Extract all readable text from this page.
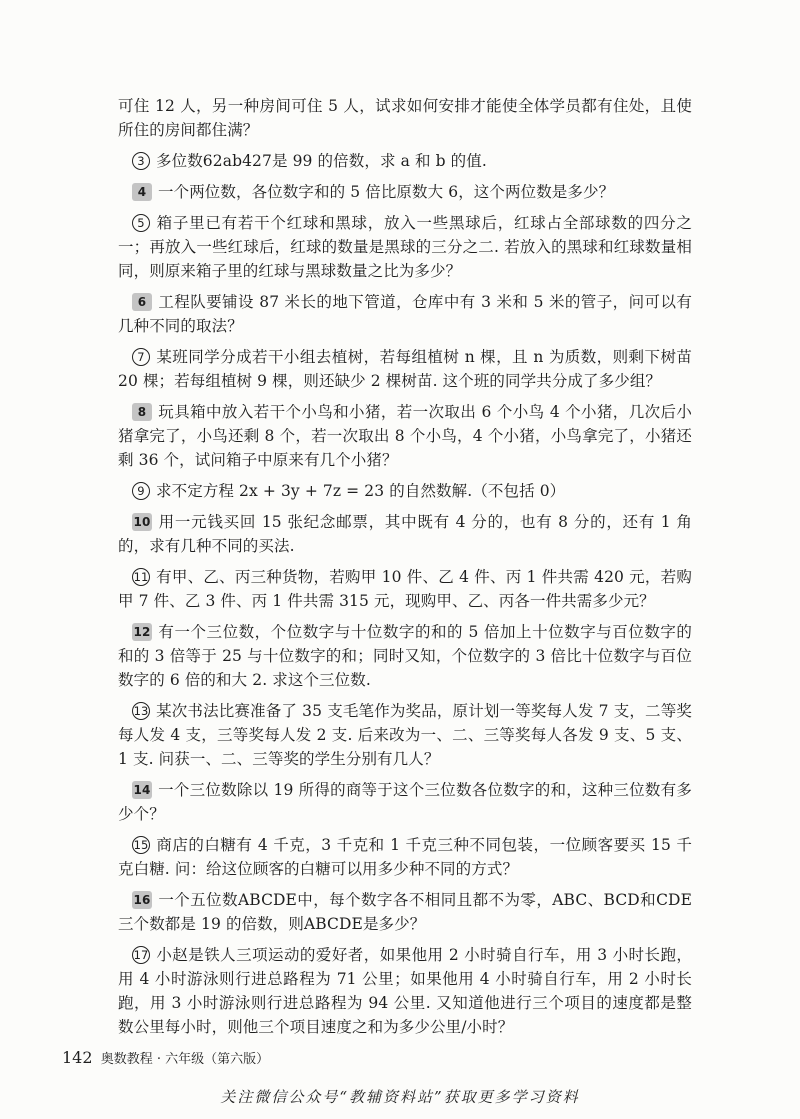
可住 12 人，另一种房间可住 5 人，试求如何安排才能使全体学员都有住处，且使所住的房间都住满？

3 多位数62ab427是 99 的倍数，求 a 和 b 的值.

4 一个两位数，各位数字和的 5 倍比原数大 6，这个两位数是多少？

5 箱子里已有若干个红球和黑球，放入一些黑球后，红球占全部球数的四分之一；再放入一些红球后，红球的数量是黑球的三分之二. 若放入的黑球和红球数量相同，则原来箱子里的红球与黑球数量之比为多少？

6 工程队要铺设 87 米长的地下管道，仓库中有 3 米和 5 米的管子，问可以有几种不同的取法？

7 某班同学分成若干小组去植树，若每组植树 n 棵，且 n 为质数，则剩下树苗 20 棵；若每组植树 9 棵，则还缺少 2 棵树苗. 这个班的同学共分成了多少组？

8 玩具箱中放入若干个小鸟和小猪，若一次取出 6 个小鸟 4 个小猪，几次后小猪拿完了，小鸟还剩 8 个，若一次取出 8 个小鸟，4 个小猪，小鸟拿完了，小猪还剩 36 个，试问箱子中原来有几个小猪？

9 求不定方程 2x + 3y + 7z = 23 的自然数解.（不包括 0）

10 用一元钱买回 15 张纪念邮票，其中既有 4 分的，也有 8 分的，还有 1 角的，求有几种不同的买法.

11 有甲、乙、丙三种货物，若购甲 10 件、乙 4 件、丙 1 件共需 420 元，若购甲 7 件、乙 3 件、丙 1 件共需 315 元，现购甲、乙、丙各一件共需多少元？

12 有一个三位数，个位数字与十位数字的和的 5 倍加上十位数字与百位数字的和的 3 倍等于 25 与十位数字的和；同时又知，个位数字的 3 倍比十位数字与百位数字的 6 倍的和大 2. 求这个三位数.

13 某次书法比赛准备了 35 支毛笔作为奖品，原计划一等奖每人发 7 支，二等奖每人发 4 支，三等奖每人发 2 支. 后来改为一、二、三等奖每人各发 9 支、5 支、1 支. 问获一、二、三等奖的学生分别有几人？

14 一个三位数除以 19 所得的商等于这个三位数各位数字的和，这种三位数有多少个？

15 商店的白糖有 4 千克，3 千克和 1 千克三种不同包装，一位顾客要买 15 千克白糖. 问：给这位顾客的白糖可以用多少种不同的方式？

16 一个五位数ABCDE中，每个数字各不相同且都不为零，ABC、BCD和CDE三个数都是 19 的倍数，则ABCDE是多少？

17 小赵是铁人三项运动的爱好者，如果他用 2 小时骑自行车，用 3 小时长跑，用 4 小时游泳则行进总路程为 71 公里；如果他用 4 小时骑自行车，用 2 小时长跑，用 3 小时游泳则行进总路程为 94 公里. 又知道他进行三个项目的速度都是整数公里每小时，则他三个项目速度之和为多少公里/小时？

142 奥数教程 · 六年级（第六版）
关注微信公众号“教辅资料站”获取更多学习资料
